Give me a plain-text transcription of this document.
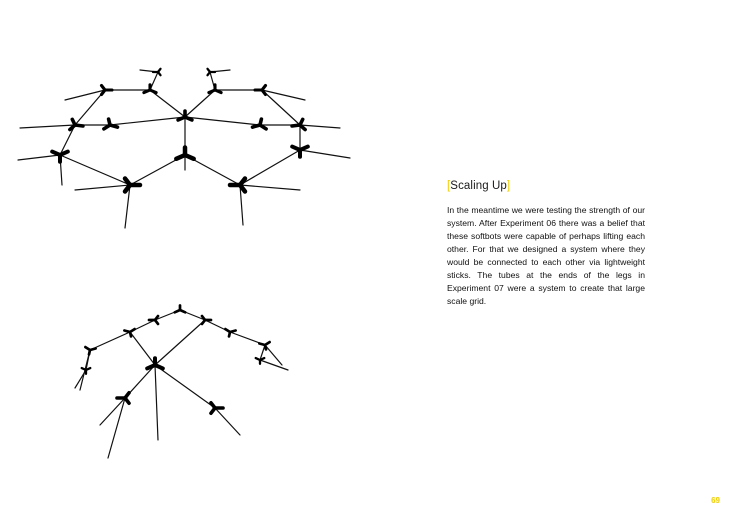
[Scaling Up]

In the meantime we were testing the strength of our system. After Experiment 06 there was a belief that these softbots were capable of perhaps lifting each other. For that we designed a system where they would be connected to each other via lightweight sticks. The tubes at the ends of the legs in Experiment 07 were a system to create that large scale grid.

69
